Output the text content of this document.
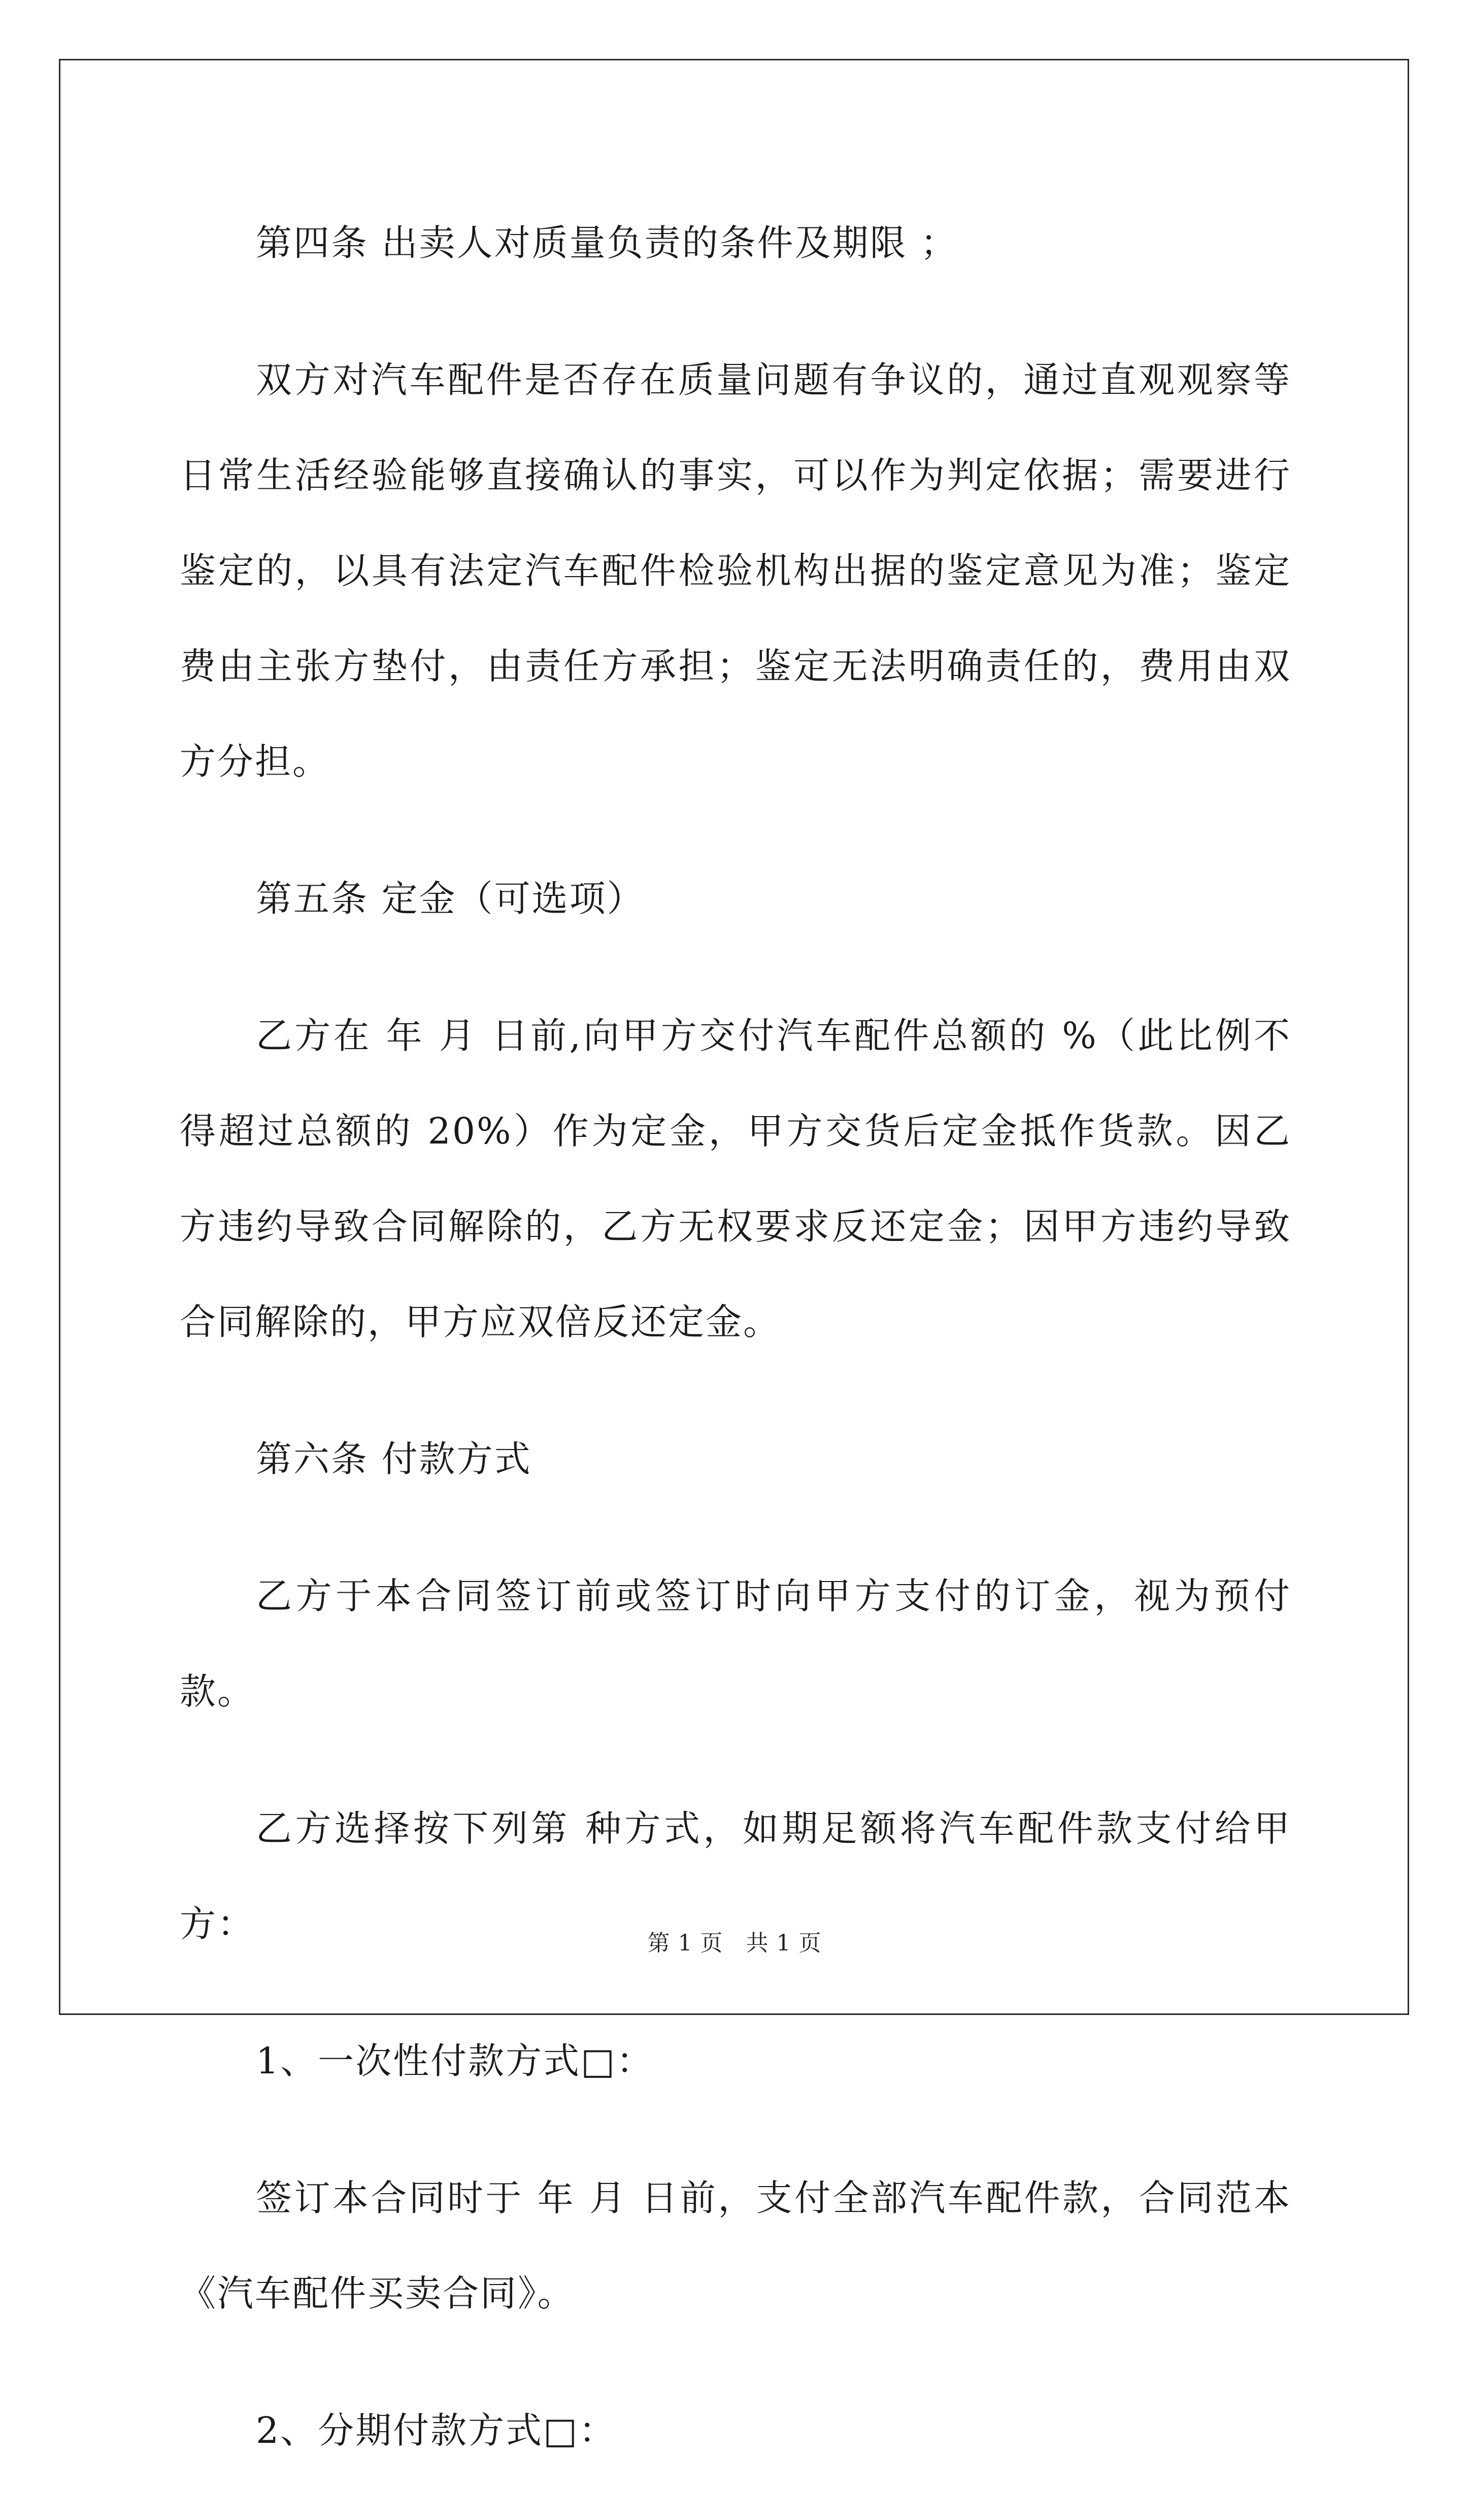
第四条 出卖人对质量负责的条件及期限 ；

双方对汽车配件是否存在质量问题有争议的，通过直观观察等日常生活经验能够直接确认的事实，可以作为判定依据；需要进行鉴定的，以具有法定汽车配件检验机构出据的鉴定意见为准；鉴定费由主张方垫付，由责任方承担；鉴定无法明确责任的，费用由双方分担。

第五条 定金（可选项）

乙方在 年 月 日前,向甲方交付汽车配件总额的 %（此比例不得超过总额的 20%）作为定金，甲方交货后定金抵作货款。因乙方违约导致合同解除的，乙方无权要求反还定金；因甲方违约导致合同解除的，甲方应双倍反还定金。

第六条 付款方式

乙方于本合同签订前或签订时向甲方支付的订金，视为预付款。

乙方选择按下列第 种方式，如期足额将汽车配件款支付给甲方：

1、一次性付款方式□：

签订本合同时于 年 月 日前，支付全部汽车配件款，合同范本《汽车配件买卖合同》。

2、分期付款方式□：

第 1 页　共 1 页
